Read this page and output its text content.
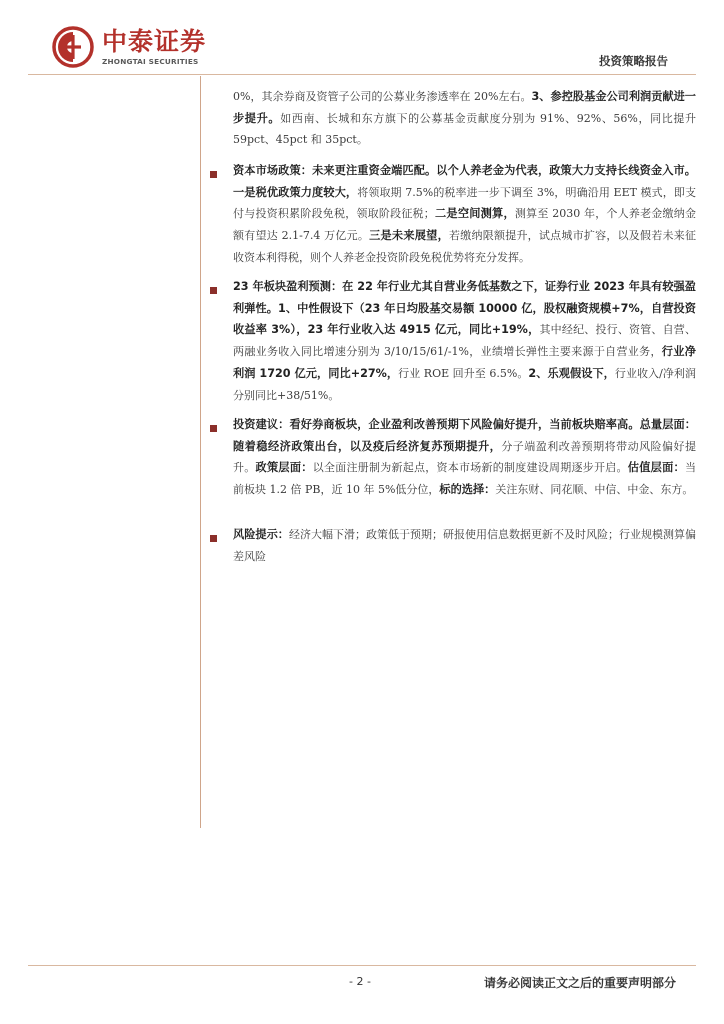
中泰证券
ZHONGTAI SECURITIES	投资策略报告
0%，其余券商及资管子公司的公募业务渗透率在 20%左右。3、参控股基金公司利润贡献进一步提升。如西南、长城和东方旗下的公募基金贡献度分别为 91%、92%、56%，同比提升 59pct、45pct 和 35pct。
资本市场政策：未来更注重资金端匹配。以个人养老金为代表，政策大力支持长线资金入市。一是税优政策力度较大，将领取期 7.5%的税率进一步下调至 3%，明确沿用 EET 模式，即支付与投资积累阶段免税，领取阶段征税；二是空间测算，测算至 2030 年，个人养老金缴纳金额有望达 2.1-7.4 万亿元。三是未来展望，若缴纳限额提升，试点城市扩容，以及假若未来征收资本利得税，则个人养老金投资阶段免税优势将充分发挥。
23 年板块盈利预测：在 22 年行业尤其自营业务低基数之下，证券行业 2023 年具有较强盈利弹性。1、中性假设下（23 年日均股基交易额 10000 亿，股权融资规模+7%，自营投资收益率 3%），23 年行业收入达 4915 亿元，同比+19%，其中经纪、投行、资管、自营、两融业务收入同比增速分别为 3/10/15/61/-1%，业绩增长弹性主要来源于自营业务，行业净利润 1720 亿元，同比+27%，行业 ROE 回升至 6.5%。2、乐观假设下，行业收入/净利润分别同比+38/51%。
投资建议：看好券商板块，企业盈利改善预期下风险偏好提升，当前板块赔率高。总量层面：随着稳经济政策出台，以及疫后经济复苏预期提升，分子端盈利改善预期将带动风险偏好提升。政策层面：以全面注册制为新起点，资本市场新的制度建设周期逐步开启。估值层面：当前板块 1.2 倍 PB，近 10 年 5%低分位，标的选择：关注东财、同花顺、中信、中金、东方。
风险提示：经济大幅下滑；政策低于预期；研报使用信息数据更新不及时风险；行业规模测算偏差风险
- 2 -	请务必阅读正文之后的重要声明部分
